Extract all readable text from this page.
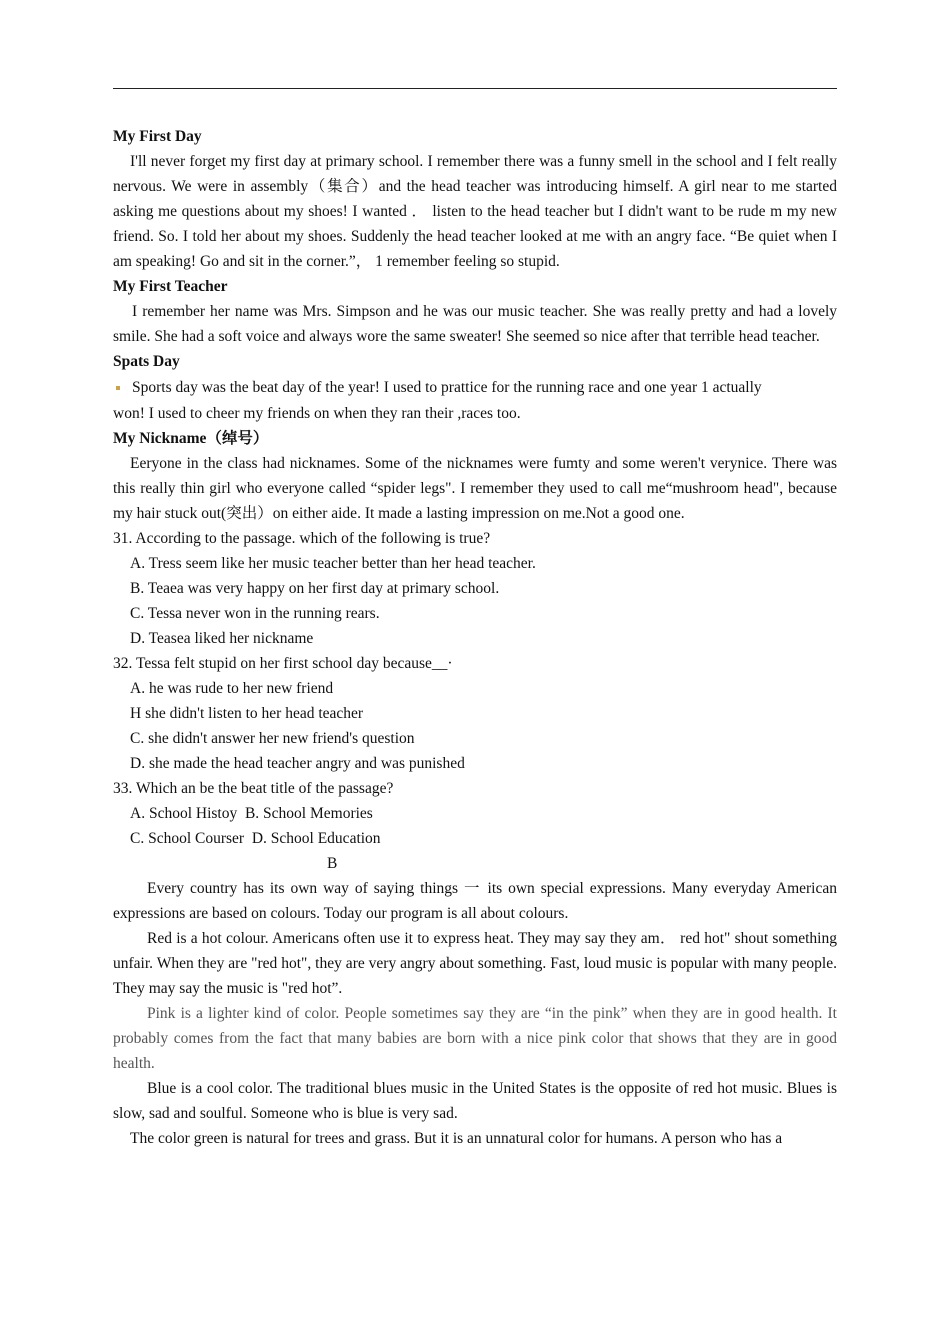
My First Day

I'll never forget my first day at primary school. I remember there was a funny smell in the school and I felt really nervous. We were in assembly（集合）and the head teacher was introducing himself. A girl near to me started asking me questions about my shoes! I wanted ． listen to the head teacher but I didn't want to be rude m my new friend. So. I told her about my shoes. Suddenly the head teacher looked at me with an angry face. “Be quiet when I am speaking! Go and sit in the corner.”， 1 remember feeling so stupid.

My First Teacher

I remember her name was Mrs. Simpson and he was our music teacher. She was really pretty and had a lovely smile. She had a soft voice and always wore the same sweater! She seemed so nice after that terrible head teacher.

Spats Day

Sports day was the beat day of the year! I used to prattice for the running race and one year 1 actually

won! I used to cheer my friends on when they ran their ,races too.

My Nickname（绰号）

Eeryone in the class had nicknames. Some of the nicknames were fumty and some weren't verynice. There was this really thin girl who everyone called “spider legs". I remember they used to call me“mushroom head", because my hair stuck out(突出）on either aide. It made a lasting impression on me.Not a good one.

31. According to the passage. which of the following is true?

A. Tress seem like her music teacher better than her head teacher.

B. Teaea was very happy on her first day at primary school.

C. Tessa never won in the running rears.

D. Teasea liked her nickname

32. Tessa felt stupid on her first school day because__·

A. he was rude to her new friend

H she didn't listen to her head teacher

C. she didn't answer her new friend's question

D. she made the head teacher angry and was punished

33. Which an be the beat title of the passage?

A. School Histoy  B. School Memories

C. School Courser  D. School Education

B

Every country has its own way of saying things 一 its own special expressions. Many everyday American expressions are based on colours. Today our program is all about colours.

Red is a hot colour. Americans often use it to express heat. They may say they am． red hot" shout something unfair. When they are "red hot", they are very angry about something. Fast, loud music is popular with many people. They may say the music is "red hot”.

Pink is a lighter kind of color. People sometimes say they are “in the pink” when they are in good health. It probably comes from the fact that many babies are born with a nice pink color that shows that they are in good health.

Blue is a cool color. The traditional blues music in the United States is the opposite of red hot music. Blues is slow, sad and soulful. Someone who is blue is very sad.

The color green is natural for trees and grass. But it is an unnatural color for humans. A person who has a
